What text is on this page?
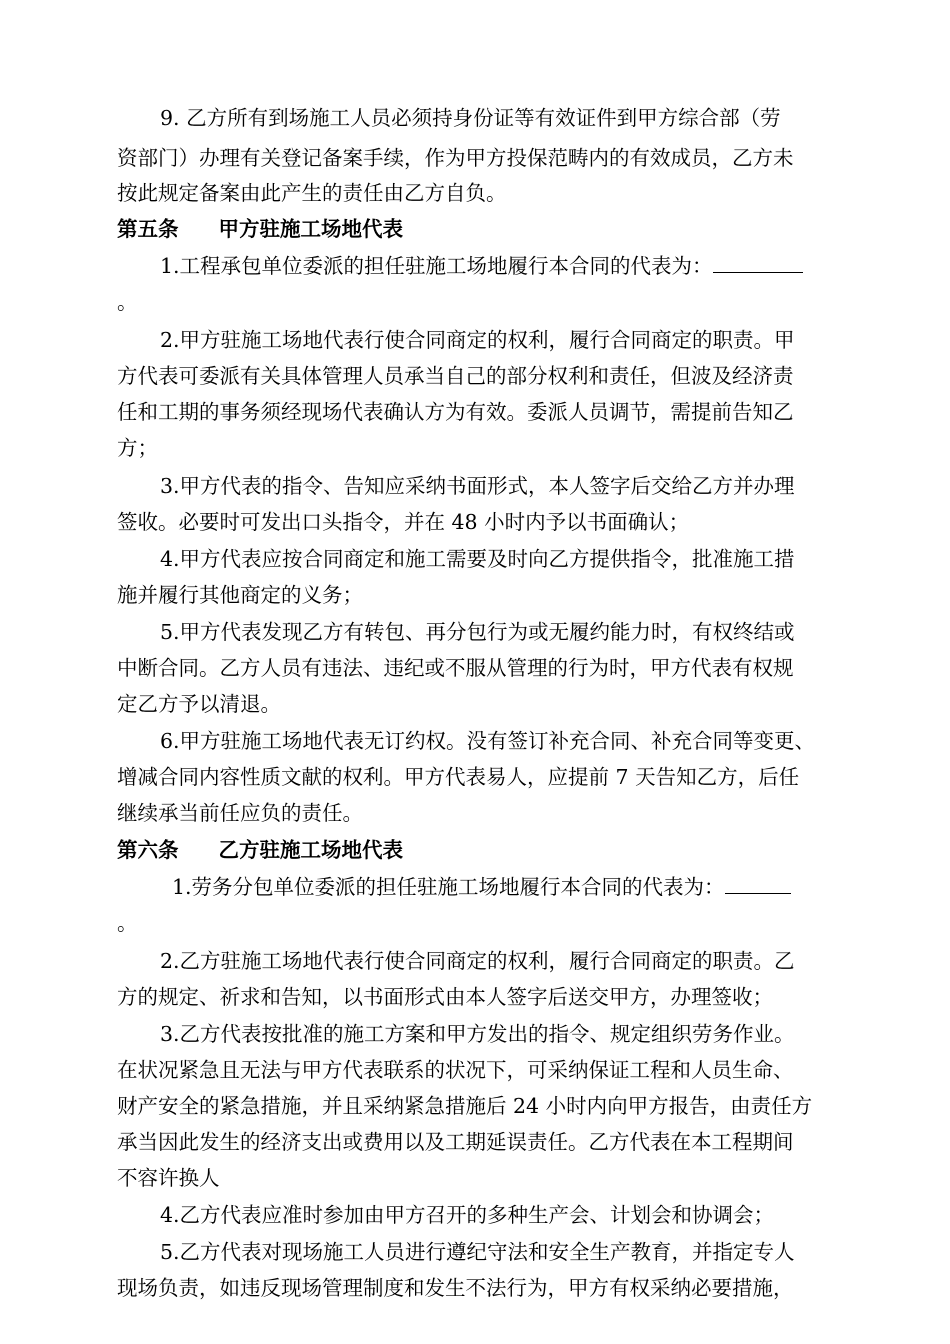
9. 乙方所有到场施工人员必须持身份证等有效证件到甲方综合部（劳
资部门）办理有关登记备案手续，作为甲方投保范畴内的有效成员，乙方未
按此规定备案由此产生的责任由乙方自负。
第五条 甲方驻施工场地代表
1.工程承包单位委派的担任驻施工场地履行本合同的代表为：
。
2.甲方驻施工场地代表行使合同商定的权利，履行合同商定的职责。甲
方代表可委派有关具体管理人员承当自己的部分权利和责任，但波及经济责
任和工期的事务须经现场代表确认方为有效。委派人员调节，需提前告知乙
方；
3.甲方代表的指令、告知应采纳书面形式，本人签字后交给乙方并办理
签收。必要时可发出口头指令，并在 48 小时内予以书面确认；
4.甲方代表应按合同商定和施工需要及时向乙方提供指令，批准施工措
施并履行其他商定的义务；
5.甲方代表发现乙方有转包、再分包行为或无履约能力时，有权终结或
中断合同。乙方人员有违法、违纪或不服从管理的行为时，甲方代表有权规
定乙方予以清退。
6.甲方驻施工场地代表无订约权。没有签订补充合同、补充合同等变更、
增减合同内容性质文献的权利。甲方代表易人，应提前 7 天告知乙方，后任
继续承当前任应负的责任。
第六条 乙方驻施工场地代表
1.劳务分包单位委派的担任驻施工场地履行本合同的代表为：
。
2.乙方驻施工场地代表行使合同商定的权利，履行合同商定的职责。乙
方的规定、祈求和告知，以书面形式由本人签字后送交甲方，办理签收；
3.乙方代表按批准的施工方案和甲方发出的指令、规定组织劳务作业。
在状况紧急且无法与甲方代表联系的状况下，可采纳保证工程和人员生命、
财产安全的紧急措施，并且采纳紧急措施后 24 小时内向甲方报告，由责任方
承当因此发生的经济支出或费用以及工期延误责任。乙方代表在本工程期间
不容许换人
4.乙方代表应准时参加由甲方召开的多种生产会、计划会和协调会；
5.乙方代表对现场施工人员进行遵纪守法和安全生产教育，并指定专人
现场负责，如违反现场管理制度和发生不法行为，甲方有权采纳必要措施，
